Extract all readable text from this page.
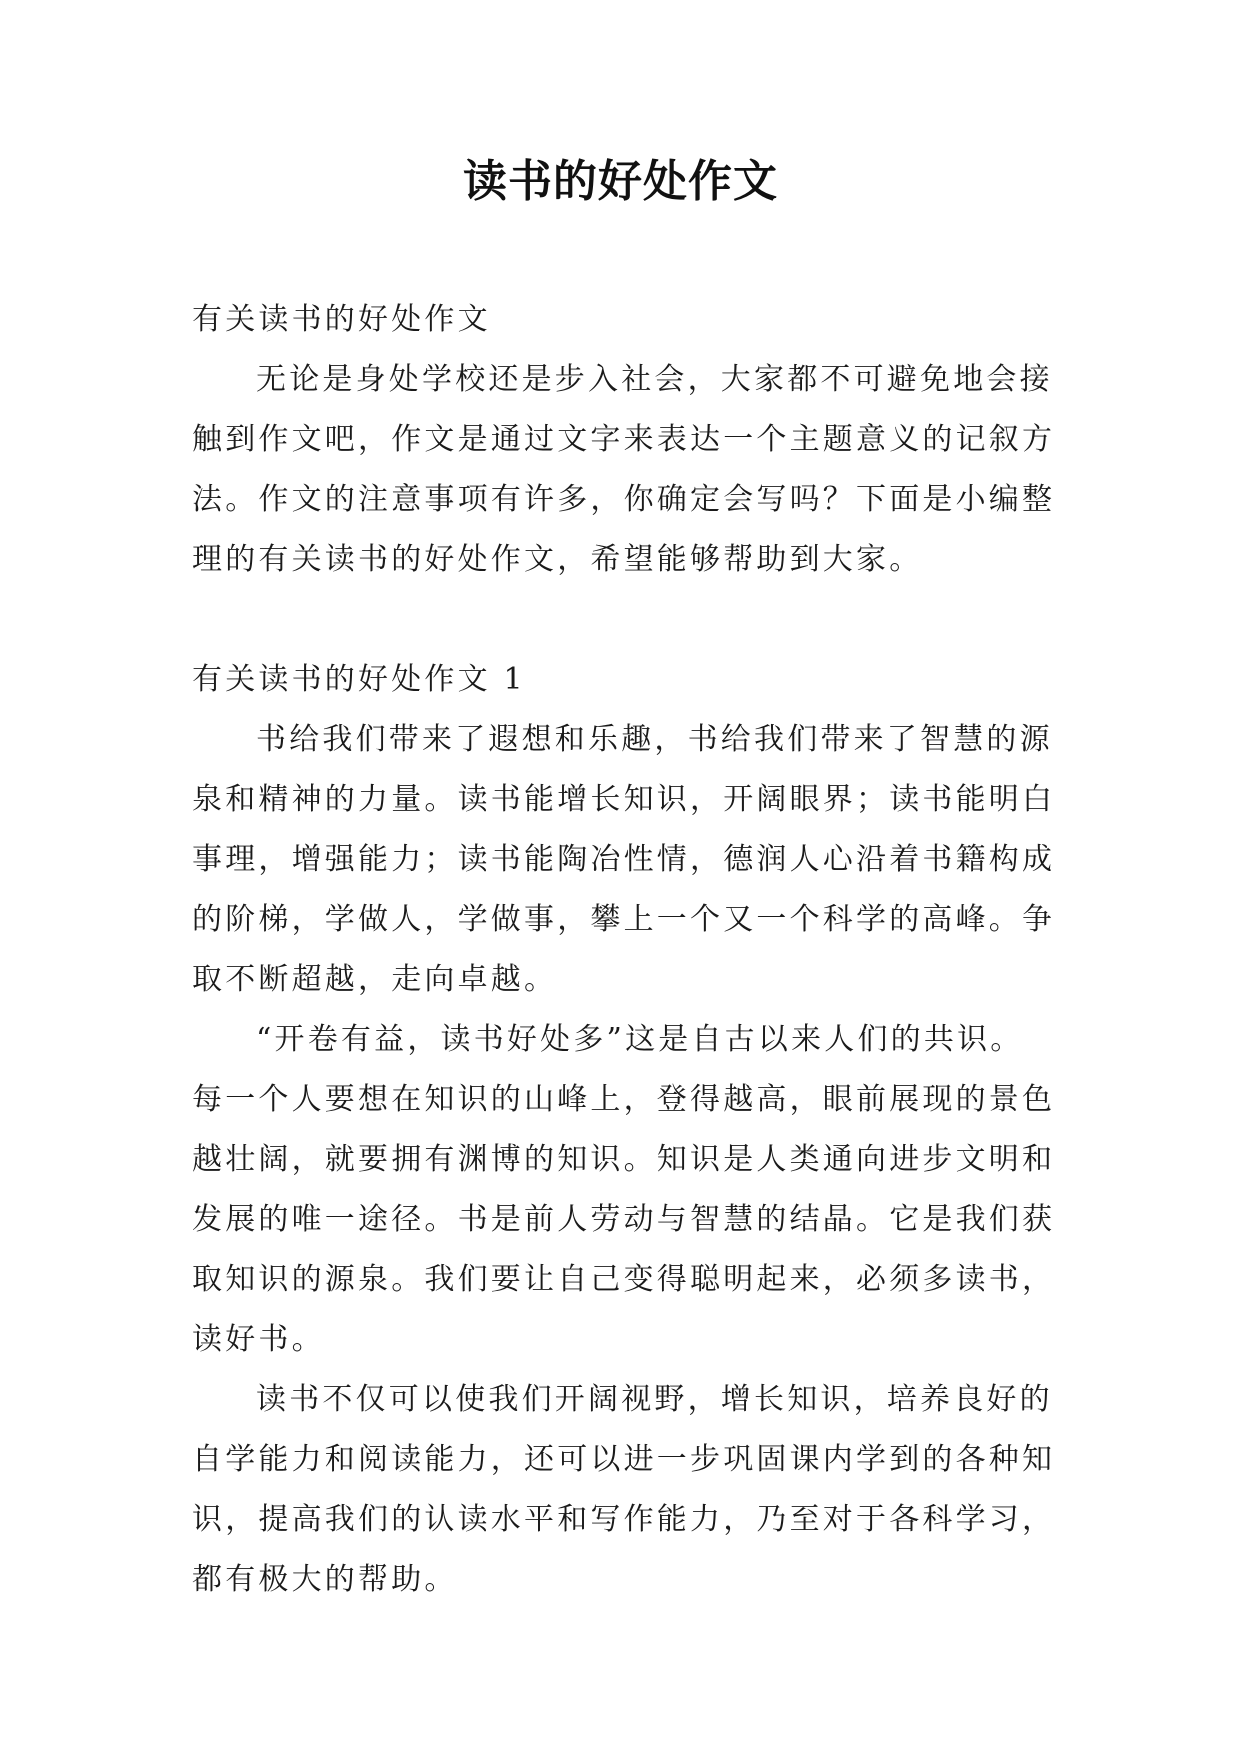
读书的好处作文
有关读书的好处作文
无论是身处学校还是步入社会，大家都不可避免地会接
触到作文吧，作文是通过文字来表达一个主题意义的记叙方
法。作文的注意事项有许多，你确定会写吗？下面是小编整
理的有关读书的好处作文，希望能够帮助到大家。
有关读书的好处作文 1
书给我们带来了遐想和乐趣，书给我们带来了智慧的源
泉和精神的力量。读书能增长知识，开阔眼界；读书能明白
事理，增强能力；读书能陶冶性情，德润人心沿着书籍构成
的阶梯，学做人，学做事，攀上一个又一个科学的高峰。争
取不断超越，走向卓越。
“开卷有益，读书好处多”这是自古以来人们的共识。
每一个人要想在知识的山峰上，登得越高，眼前展现的景色
越壮阔，就要拥有渊博的知识。知识是人类通向进步文明和
发展的唯一途径。书是前人劳动与智慧的结晶。它是我们获
取知识的源泉。我们要让自己变得聪明起来，必须多读书，
读好书。
读书不仅可以使我们开阔视野，增长知识，培养良好的
自学能力和阅读能力，还可以进一步巩固课内学到的各种知
识，提高我们的认读水平和写作能力，乃至对于各科学习，
都有极大的帮助。
